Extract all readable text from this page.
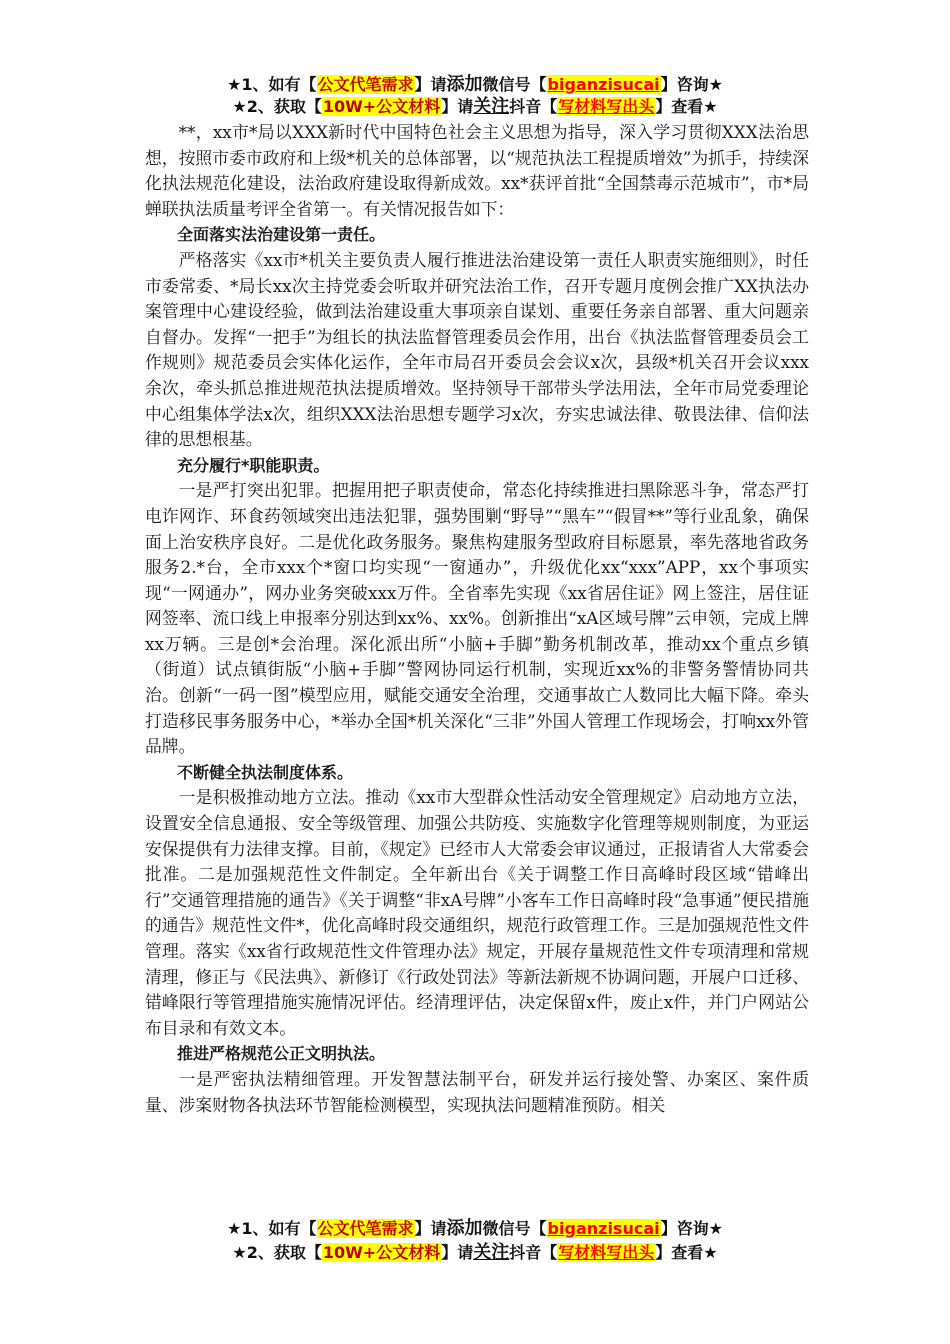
★1、如有【公文代笔需求】请添加微信号【biganzisucai】咨询★
★2、获取【10W+公文材料】请关注抖音【写材料写出头】查看★

**，xx市*局以XXX新时代中国特色社会主义思想为指导，深入学习贯彻XXX法治思想，按照市委市政府和上级*机关的总体部署，以“规范执法工程提质增效”为抓手，持续深化执法规范化建设，法治政府建设取得新成效。xx*获评首批“全国禁毒示范城市”，市*局蝉联执法质量考评全省第一。有关情况报告如下：

全面落实法治建设第一责任。

严格落实《xx市*机关主要负责人履行推进法治建设第一责任人职责实施细则》，时任市委常委、*局长xx次主持党委会听取并研究法治工作，召开专题月度例会推广XX执法办案管理中心建设经验，做到法治建设重大事项亲自谋划、重要任务亲自部署、重大问题亲自督办。发挥“一把手”为组长的执法监督管理委员会作用，出台《执法监督管理委员会工作规则》规范委员会实体化运作，全年市局召开委员会会议x次，县级*机关召开会议xxx余次，牵头抓总推进规范执法提质增效。坚持领导干部带头学法用法，全年市局党委理论中心组集体学法x次，组织XXX法治思想专题学习x次，夯实忠诚法律、敬畏法律、信仰法律的思想根基。

充分履行*职能职责。

一是严打突出犯罪。把握用把子职责使命，常态化持续推进扫黑除恶斗争，常态严打电诈网诈、环食药领域突出违法犯罪，强势围剿“野导”“黑车”“假冒**”等行业乱象，确保面上治安秩序良好。二是优化政务服务。聚焦构建服务型政府目标愿景，率先落地省政务服务2.*台，全市xxx个*窗口均实现“一窗通办”，升级优化xx“xxx”APP，xx个事项实现“一网通办”，网办业务突破xxx万件。全省率先实现《xx省居住证》网上签注，居住证网签率、流口线上申报率分别达到xx%、xx%。创新推出“xA区域号牌”云申领，完成上牌xx万辆。三是创*会治理。深化派出所“小脑+手脚”勤务机制改革，推动xx个重点乡镇（街道）试点镇街版“小脑+手脚”警网协同运行机制，实现近xx%的非警务警情协同共治。创新“一码一图”模型应用，赋能交通安全治理，交通事故亡人数同比大幅下降。牵头打造移民事务服务中心，*举办全国*机关深化“三非”外国人管理工作现场会，打响xx外管品牌。

不断健全执法制度体系。

一是积极推动地方立法。推动《xx市大型群众性活动安全管理规定》启动地方立法，设置安全信息通报、安全等级管理、加强公共防疫、实施数字化管理等规则制度，为亚运安保提供有力法律支撑。目前，《规定》已经市人大常委会审议通过，正报请省人大常委会批准。二是加强规范性文件制定。全年新出台《关于调整工作日高峰时段区域“错峰出行”交通管理措施的通告》《关于调整“非xA号牌”小客车工作日高峰时段“急事通”便民措施的通告》规范性文件*，优化高峰时段交通组织，规范行政管理工作。三是加强规范性文件管理。落实《xx省行政规范性文件管理办法》规定，开展存量规范性文件专项清理和常规清理，修正与《民法典》、新修订《行政处罚法》等新法新规不协调问题，开展户口迁移、错峰限行等管理措施实施情况评估。经清理评估，决定保留x件，废止x件，并门户网站公布目录和有效文本。

推进严格规范公正文明执法。

一是严密执法精细管理。开发智慧法制平台，研发并运行接处警、办案区、案件质量、涉案财物各执法环节智能检测模型，实现执法问题精准预防。相关

★1、如有【公文代笔需求】请添加微信号【biganzisucai】咨询★
★2、获取【10W+公文材料】请关注抖音【写材料写出头】查看★
